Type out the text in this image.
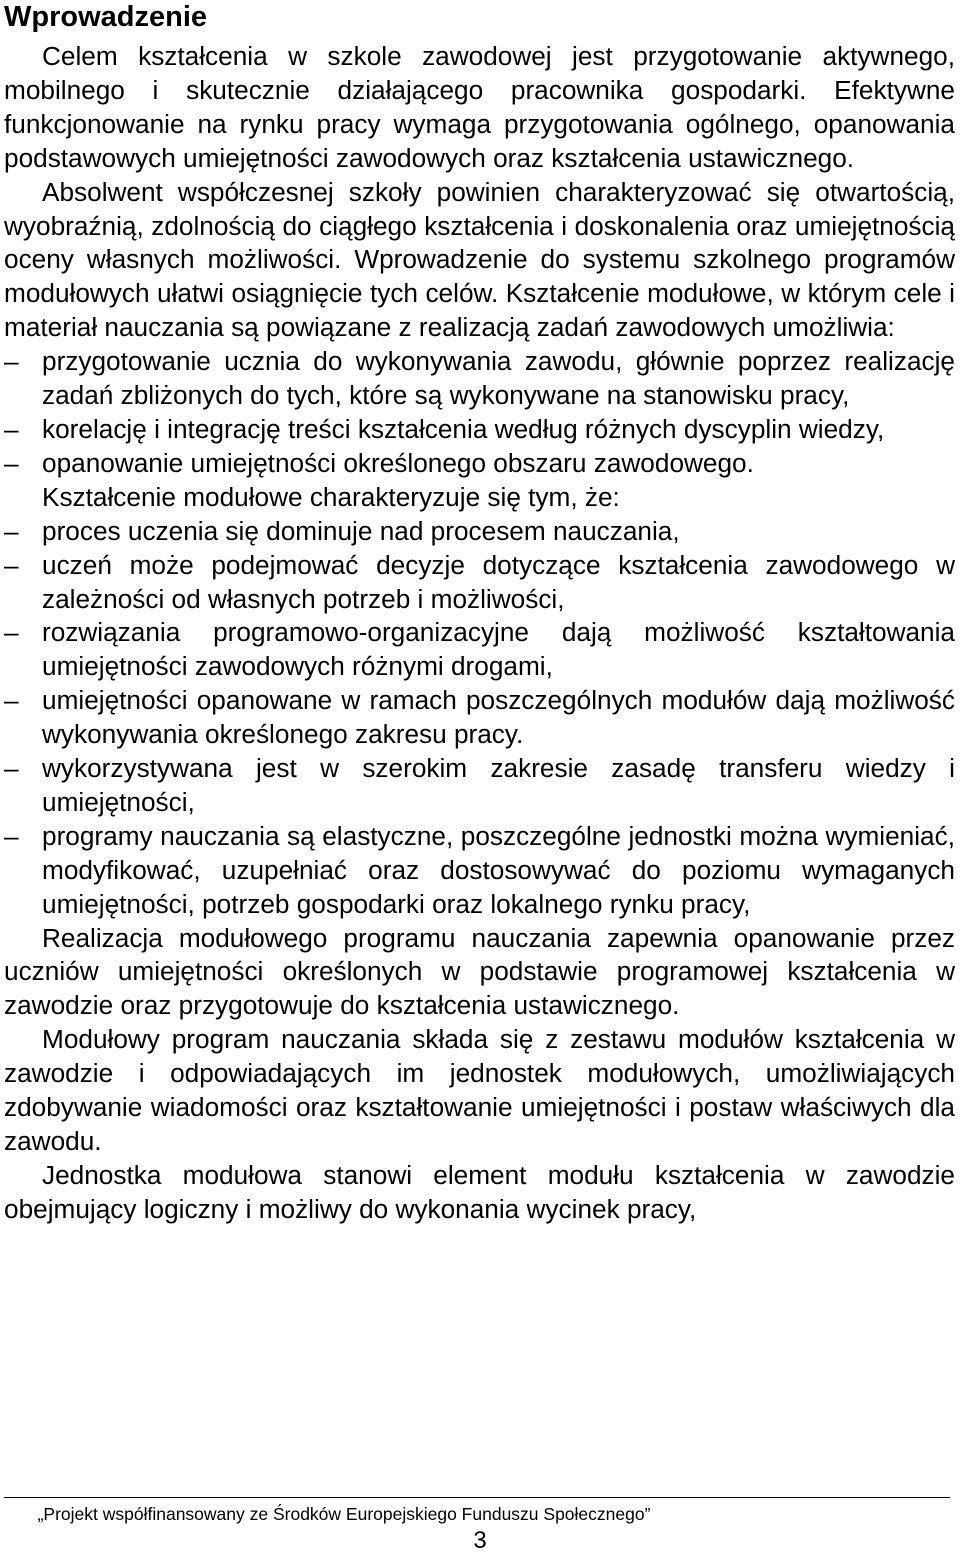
Wprowadzenie

Celem kształcenia w szkole zawodowej jest przygotowanie aktywnego, mobilnego i skutecznie działającego pracownika gospodarki. Efektywne funkcjonowanie na rynku pracy wymaga przygotowania ogólnego, opanowania podstawowych umiejętności zawodowych oraz kształcenia ustawicznego.

Absolwent współczesnej szkoły powinien charakteryzować się otwartością, wyobraźnią, zdolnością do ciągłego kształcenia i doskonalenia oraz umiejętnością oceny własnych możliwości. Wprowadzenie do systemu szkolnego programów modułowych ułatwi osiągnięcie tych celów. Kształcenie modułowe, w którym cele i materiał nauczania są powiązane z realizacją zadań zawodowych umożliwia:

– przygotowanie ucznia do wykonywania zawodu, głównie poprzez realizację zadań zbliżonych do tych, które są wykonywane na stanowisku pracy,
– korelację i integrację treści kształcenia według różnych dyscyplin wiedzy,
– opanowanie umiejętności określonego obszaru zawodowego.

Kształcenie modułowe charakteryzuje się tym, że:

– proces uczenia się dominuje nad procesem nauczania,
– uczeń może podejmować decyzje dotyczące kształcenia zawodowego w zależności od własnych potrzeb i możliwości,
– rozwiązania programowo-organizacyjne dają możliwość kształtowania umiejętności zawodowych różnymi drogami,
– umiejętności opanowane w ramach poszczególnych modułów dają możliwość wykonywania określonego zakresu pracy.
– wykorzystywana jest w szerokim zakresie zasadę transferu wiedzy i umiejętności,
– programy nauczania są elastyczne, poszczególne jednostki można wymieniać, modyfikować, uzupełniać oraz dostosowywać do poziomu wymaganych umiejętności, potrzeb gospodarki oraz lokalnego rynku pracy,

Realizacja modułowego programu nauczania zapewnia opanowanie przez uczniów umiejętności określonych w podstawie programowej kształcenia w zawodzie oraz przygotowuje do kształcenia ustawicznego.

Modułowy program nauczania składa się z zestawu modułów kształcenia w zawodzie i odpowiadających im jednostek modułowych, umożliwiających zdobywanie wiadomości oraz kształtowanie umiejętności i postaw właściwych dla zawodu.

Jednostka modułowa stanowi element modułu kształcenia w zawodzie obejmujący logiczny i możliwy do wykonania wycinek pracy,

„Projekt współfinansowany ze Środków Europejskiego Funduszu Społecznego”
3
